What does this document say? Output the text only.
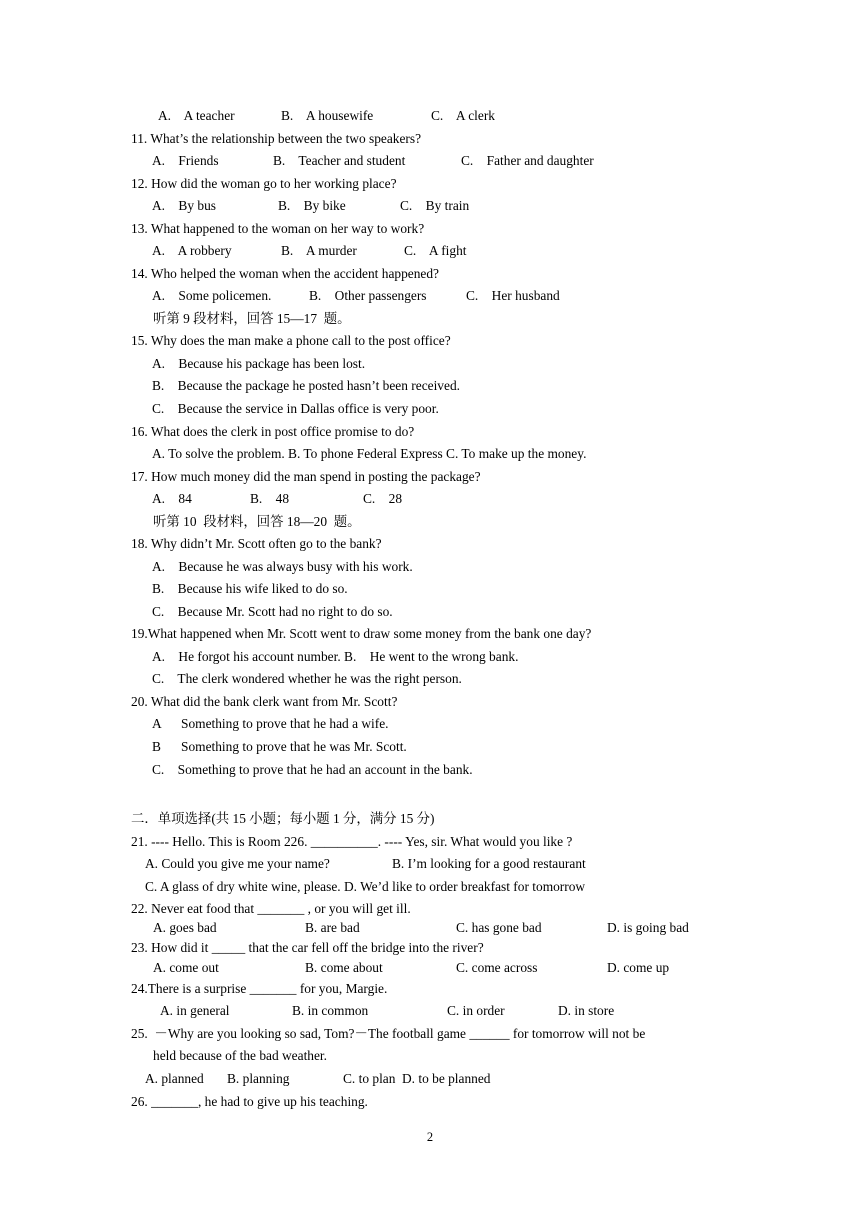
A.    A teacher	B.    A housewife	C.    A clerk
11. What’s the relationship between the two speakers?
A.    Friends	B.    Teacher and student	C.    Father and daughter
12. How did the woman go to her working place?
A.    By bus	B.    By bike	C.    By train
13. What happened to the woman on her way to work?
A.    A robbery	B.    A murder	C.    A fight
14. Who helped the woman when the accident happened?
A.    Some policemen.	B.    Other passengers	C.    Her husband
听第 9 段材料，回答 15—17  题。
15. Why does the man make a phone call to the post office?
A.    Because his package has been lost.
B.    Because the package he posted hasn’t been received.
C.    Because the service in Dallas office is very poor.
16. What does the clerk in post office promise to do?
A. To solve the problem. B. To phone Federal Express C. To make up the money.
17. How much money did the man spend in posting the package?
A.    84	B.    48	C.    28
听第 10  段材料，回答 18—20  题。
18. Why didn’t Mr. Scott often go to the bank?
A.    Because he was always busy with his work.
B.    Because his wife liked to do so.
C.    Because Mr. Scott had no right to do so.
19.What happened when Mr. Scott went to draw some money from the bank one day?
A.    He forgot his account number. B.    He went to the wrong bank.
C.    The clerk wondered whether he was the right person.
20. What did the bank clerk want from Mr. Scott?
A      Something to prove that he had a wife.
B      Something to prove that he was Mr. Scott.
C.    Something to prove that he had an account in the bank.
二．单项选择(共 15 小题；每小题 1 分，满分 15 分)
21. ---- Hello. This is Room 226. __________. ---- Yes, sir. What would you like ?
A. Could you give me your name?	B. I’m looking for a good restaurant
C. A glass of dry white wine, please. D. We’d like to order breakfast for tomorrow
22. Never eat food that _______ , or you will get ill.
A. goes bad	B. are bad	C. has gone bad	D. is going bad
23. How did it _____ that the car fell off the bridge into the river?
A. come out	B. come about	C. come across	D. come up
24.There is a surprise _______ for you, Margie.
A. in general	B. in common	C. in order	D. in store
25.  －Why are you looking so sad, Tom?－The football game ______ for tomorrow will not be
held because of the bad weather.
A. planned B. planning	C. to plan D. to be planned
26. _______, he had to give up his teaching.
2
